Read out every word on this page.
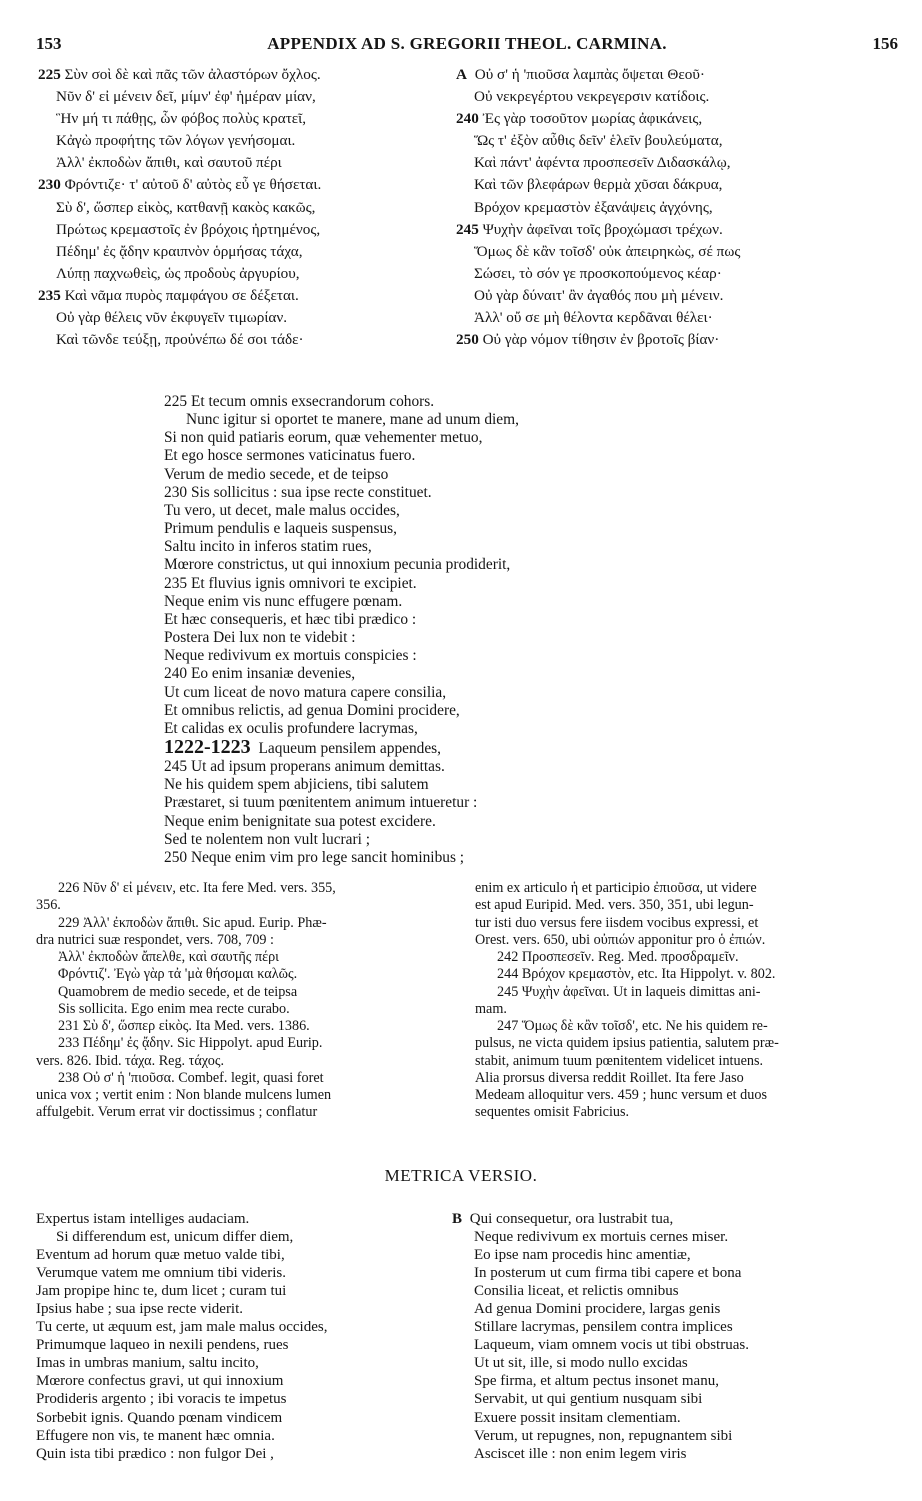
153	APPENDIX AD S. GREGORII THEOL. CARMINA.	156
225 Σὺν σοὶ δὲ καὶ πᾶς τῶν ἀλαστόρων ὄχλος.
Νῦν δ' εἰ μένειν δεῖ, μίμν' ἐφ' ἡμέραν μίαν,
Ἣν μή τι πάθῃς, ὧν φόβος πολὺς κρατεῖ,
Κἀγὼ προφήτης τῶν λόγων γενήσομαι.
Ἀλλ' ἐκποδὼν ἄπιθι, καὶ σαυτοῦ πέρι
230 Φρόντιζε· τ' αὐτοῦ δ' αὐτὸς εὖ γε θήσεται.
Σὺ δ', ὥσπερ εἰκὸς, κατθανῇ κακὸς κακῶς,
Πρώτως κρεμαστοῖς ἐν βρόχοις ἠρτημένος,
Πέδημ' ἐς ᾄδην κραιπνὸν ὁρμήσας τάχα,
Λύπῃ παχνωθεὶς, ὡς προδοὺς ἀργυρίου,
235 Καὶ νᾶμα πυρὸς παμφάγου σε δέξεται.
Οὐ γὰρ θέλεις νῦν ἐκφυγεῖν τιμωρίαν.
Καὶ τῶνδε τεύξῃ, προὐνέπω δέ σοι τάδε·
A Οὐ σ' ἡ 'πιοῦσα λαμπὰς ὄψεται Θεοῦ·
Οὐ νεκρεγέρτου νεκρεγερσιν κατίδοις.
240 Ἐς γὰρ τοσοῦτον μωρίας ἀφικάνεις,
Ὥς τ' ἐξὸν αὖθις δεῖν' ἑλεῖν βουλεύματα,
Καὶ πάντ' ἀφέντα προσπεσεῖν Διδασκάλῳ,
Καὶ τῶν βλεφάρων θερμὰ χῦσαι δάκρυα,
Βρόχον κρεμαστὸν ἐξανάψεις ἀγχόνης,
245 Ψυχὴν ἀφεῖναι τοῖς βροχώμασι τρέχων.
Ὅμως δὲ κἂν τοῖσδ' οὐκ ἀπειρηκὼς, σέ πως
Σώσει, τὸ σόν γε προσκοπούμενος κέαρ·
Οὐ γὰρ δύναιτ' ἂν ἀγαθός που μὴ μένειν.
Ἀλλ' οὔ σε μὴ θέλοντα κερδᾶναι θέλει·
250 Οὐ γὰρ νόμον τίθησιν ἐν βροτοῖς βίαν·
225 Et tecum omnis exsecrandorum cohors.
Nunc igitur si oportet te manere, mane ad unum diem,
Si non quid patiaris eorum, quæ vehementer metuo,
Et ego hosce sermones vaticinatus fuero.
Verum de medio secede, et de teipso
230 Sis sollicitus : sua ipse recte constituet.
Tu vero, ut decet, male malus occides,
Primum pendulis e laqueis suspensus,
Saltu incito in inferos statim rues,
Mœrore constrictus, ut qui innoxium pecunia prodiderit,
235 Et fluvius ignis omnivori te excipiet.
Neque enim vis nunc effugere pœnam.
Et hæc consequeris, et hæc tibi prædico :
Postera Dei lux non te videbit :
Neque redivivum ex mortuis conspicies :
240 Eo enim insaniæ devenies,
Ut cum liceat de novo matura capere consilia,
Et omnibus relictis, ad genua Domini procidere,
Et calidas ex oculis profundere lacrymas,
1222-1223 Laqueum pensilem appendes,
245 Ut ad ipsum properans animum demittas.
Ne his quidem spem abjiciens, tibi salutem
Præstaret, si tuum pœnitentem animum intueretur :
Neque enim benignitate sua potest excidere.
Sed te nolentem non vult lucrari ;
250 Neque enim vim pro lege sancit hominibus ;
226 Νῦν δ' εἰ μένειν, etc. Ita fere Med. vers. 355,
356.
229 Ἀλλ' ἐκποδὼν ἄπιθι. Sic apud. Eurip. Phæ-
dra nutrici suæ respondet, vers. 708, 709 :
Ἀλλ' ἐκποδὼν ἄπελθε, καὶ σαυτῆς πέρι
Φρόντιζ'. Ἐγὼ γὰρ τἀ 'μὰ θήσομαι καλῶς.
Quamobrem de medio secede, et de teipsa
Sis sollicita. Ego enim mea recte curabo.
231 Σὺ δ', ὥσπερ εἰκὸς. Ita Med. vers. 1386.
233 Πέδημ' ἐς ᾄδην. Sic Hippolyt. apud Eurip.
vers. 826. Ibid. τάχα. Reg. τάχος.
238 Οὐ σ' ἡ 'πιοῦσα. Combef. legit, quasi foret
unica vox ; vertit enim : Non blande mulcens lumen
affulgebit. Verum errat vir doctissimus ; conflatur
enim ex articulo ἡ et participio ἐπιοῦσα, ut videre
est apud Euripid. Med. vers. 350, 351, ubi legun-
tur isti duo versus fere iisdem vocibus expressi, et
Orest. vers. 650, ubi οὐπιών apponitur pro ὁ ἐπιών.
242 Προσπεσεῖν. Reg. Med. προσδραμεῖν.
244 Βρόχον κρεμαστὸν, etc. Ita Hippolyt. v. 802.
245 Ψυχὴν ἀφεῖναι. Ut in laqueis dimittas ani-
mam.
247 Ὅμως δὲ κἂν τοῖσδ', etc. Ne his quidem re-
pulsus, ne victa quidem ipsius patientia, salutem præ-
stabit, animum tuum pœnitentem videlicet intuens.
Alia prorsus diversa reddit Roillet. Ita fere Jaso
Medeam alloquitur vers. 459 ; hunc versum et duos
sequentes omisit Fabricius.
METRICA VERSIO.
Expertus istam intelliges audaciam.
Si differendum est, unicum differ diem,
Eventum ad horum quæ metuo valde tibi,
Verumque vatem me omnium tibi videris.
Jam propipe hinc te, dum licet ; curam tui
Ipsius habe ; sua ipse recte viderit.
Tu certe, ut æquum est, jam male malus occides,
Primumque laqueo in nexili pendens, rues
Imas in umbras manium, saltu incito,
Mœrore confectus gravi, ut qui innoxium
Prodideris argento ; ibi voracis te impetus
Sorbebit ignis. Quando pœnam vindicem
Effugere non vis, te manent hæc omnia.
Quin ista tibi prædico : non fulgor Dei ,
B Qui consequetur, ora lustrabit tua,
Neque redivivum ex mortuis cernes miser.
Eo ipse nam procedis hinc amentiæ,
In posterum ut cum firma tibi capere et bona
Consilia liceat, et relictis omnibus
Ad genua Domini procidere, largas genis
Stillare lacrymas, pensilem contra implices
Laqueum, viam omnem vocis ut tibi obstruas.
Ut ut sit, ille, si modo nullo excidas
Spe firma, et altum pectus insonet manu,
Servabit, ut qui gentium nusquam sibi
Exuere possit insitam clementiam.
Verum, ut repugnes, non, repugnantem sibi
Asciscet ille : non enim legem viris
